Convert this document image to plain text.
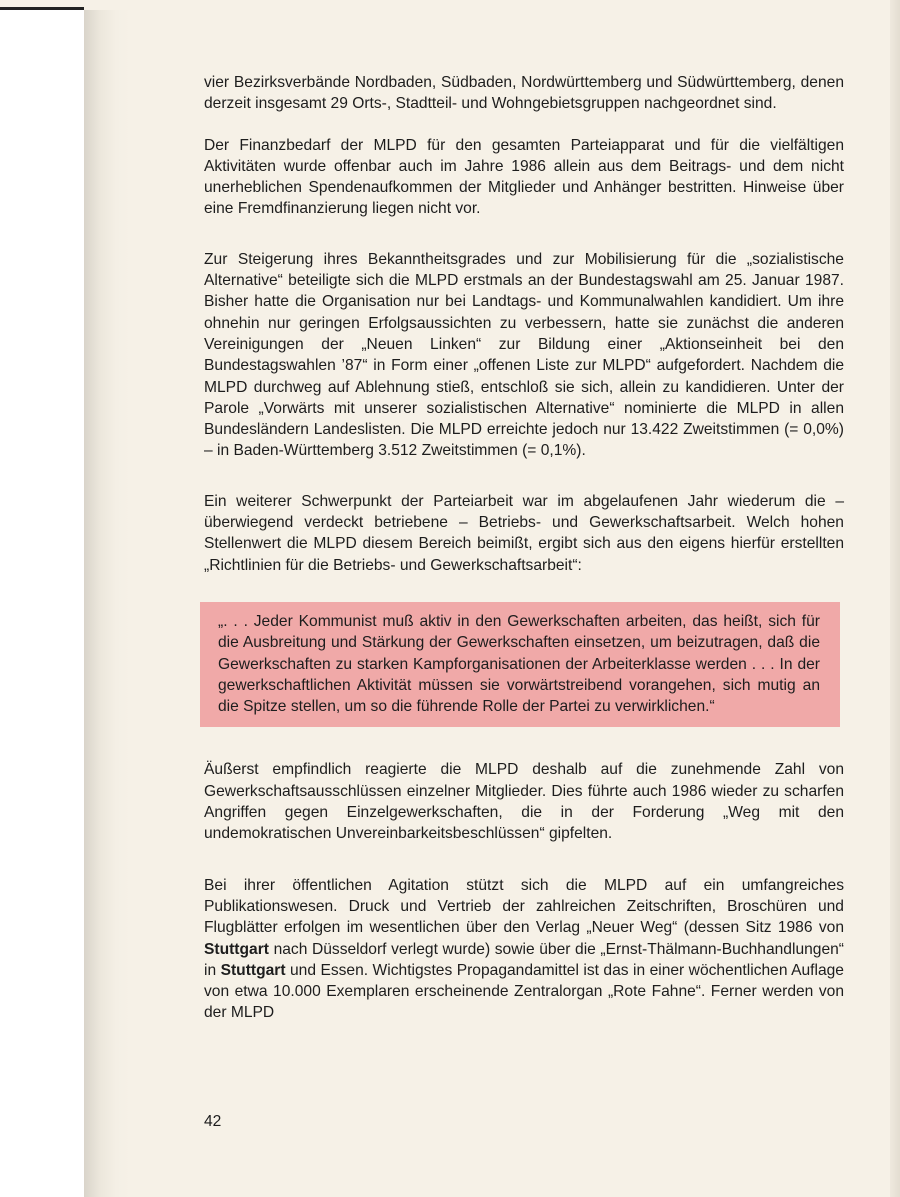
vier Bezirksverbände Nordbaden, Südbaden, Nordwürttemberg und Südwürttemberg, denen derzeit insgesamt 29 Orts-, Stadtteil- und Wohngebietsgruppen nachgeordnet sind.

Der Finanzbedarf der MLPD für den gesamten Parteiapparat und für die vielfältigen Aktivitäten wurde offenbar auch im Jahre 1986 allein aus dem Beitrags- und dem nicht unerheblichen Spendenaufkommen der Mitglieder und Anhänger bestritten. Hinweise über eine Fremdfinanzierung liegen nicht vor.

Zur Steigerung ihres Bekanntheitsgrades und zur Mobilisierung für die „sozialistische Alternative“ beteiligte sich die MLPD erstmals an der Bundestagswahl am 25. Januar 1987. Bisher hatte die Organisation nur bei Landtags- und Kommunalwahlen kandidiert. Um ihre ohnehin nur geringen Erfolgsaussichten zu verbessern, hatte sie zunächst die anderen Vereinigungen der „Neuen Linken“ zur Bildung einer „Aktionseinheit bei den Bundestagswahlen ’87“ in Form einer „offenen Liste zur MLPD“ aufgefordert. Nachdem die MLPD durchweg auf Ablehnung stieß, entschloß sie sich, allein zu kandidieren. Unter der Parole „Vorwärts mit unserer sozialistischen Alternative“ nominierte die MLPD in allen Bundesländern Landeslisten. Die MLPD erreichte jedoch nur 13.422 Zweitstimmen (= 0,0%) – in Baden-Württemberg 3.512 Zweitstimmen (= 0,1%).

Ein weiterer Schwerpunkt der Parteiarbeit war im abgelaufenen Jahr wiederum die – überwiegend verdeckt betriebene – Betriebs- und Gewerkschaftsarbeit. Welch hohen Stellenwert die MLPD diesem Bereich beimißt, ergibt sich aus den eigens hierfür erstellten „Richtlinien für die Betriebs- und Gewerkschaftsarbeit“:

„. . . Jeder Kommunist muß aktiv in den Gewerkschaften arbeiten, das heißt, sich für die Ausbreitung und Stärkung der Gewerkschaften einsetzen, um beizutragen, daß die Gewerkschaften zu starken Kampforganisationen der Arbeiterklasse werden . . . In der gewerkschaftlichen Aktivität müssen sie vorwärtstreibend vorangehen, sich mutig an die Spitze stellen, um so die führende Rolle der Partei zu verwirklichen.“

Äußerst empfindlich reagierte die MLPD deshalb auf die zunehmende Zahl von Gewerkschaftsausschlüssen einzelner Mitglieder. Dies führte auch 1986 wieder zu scharfen Angriffen gegen Einzelgewerkschaften, die in der Forderung „Weg mit den undemokratischen Unvereinbarkeitsbeschlüssen“ gipfelten.

Bei ihrer öffentlichen Agitation stützt sich die MLPD auf ein umfangreiches Publikationswesen. Druck und Vertrieb der zahlreichen Zeitschriften, Broschüren und Flugblätter erfolgen im wesentlichen über den Verlag „Neuer Weg“ (dessen Sitz 1986 von Stuttgart nach Düsseldorf verlegt wurde) sowie über die „Ernst-Thälmann-Buchhandlungen“ in Stuttgart und Essen. Wichtigstes Propagandamittel ist das in einer wöchentlichen Auflage von etwa 10.000 Exemplaren erscheinende Zentralorgan „Rote Fahne“. Ferner werden von der MLPD

42
